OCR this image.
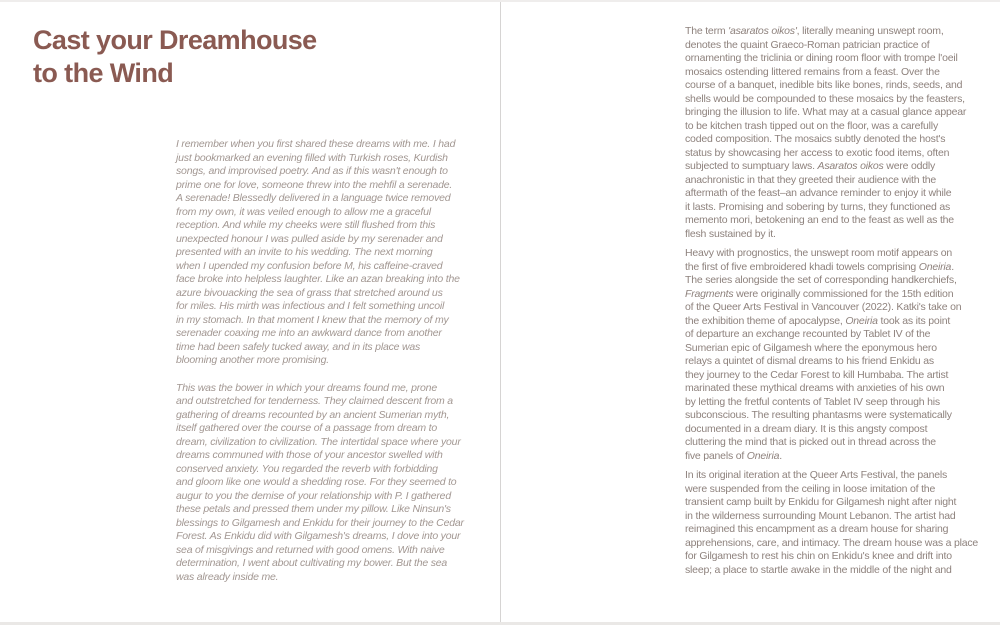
Cast your Dreamhouse
to the Wind

I remember when you first shared these dreams with me. I had
just bookmarked an evening filled with Turkish roses, Kurdish
songs, and improvised poetry. And as if this wasn't enough to
prime one for love, someone threw into the mehfil a serenade.
A serenade! Blessedly delivered in a language twice removed
from my own, it was veiled enough to allow me a graceful
reception. And while my cheeks were still flushed from this
unexpected honour I was pulled aside by my serenader and
presented with an invite to his wedding. The next morning
when I upended my confusion before M, his caffeine-craved
face broke into helpless laughter. Like an azan breaking into the
azure bivouacking the sea of grass that stretched around us
for miles. His mirth was infectious and I felt something uncoil
in my stomach. In that moment I knew that the memory of my
serenader coaxing me into an awkward dance from another
time had been safely tucked away, and in its place was
blooming another more promising.

This was the bower in which your dreams found me, prone
and outstretched for tenderness. They claimed descent from a
gathering of dreams recounted by an ancient Sumerian myth,
itself gathered over the course of a passage from dream to
dream, civilization to civilization. The intertidal space where your
dreams communed with those of your ancestor swelled with
conserved anxiety. You regarded the reverb with forbidding
and gloom like one would a shedding rose. For they seemed to
augur to you the demise of your relationship with P. I gathered
these petals and pressed them under my pillow. Like Ninsun's
blessings to Gilgamesh and Enkidu for their journey to the Cedar
Forest. As Enkidu did with Gilgamesh's dreams, I dove into your
sea of misgivings and returned with good omens. With naive
determination, I went about cultivating my bower. But the sea
was already inside me.

The term 'asaratos oikos', literally meaning unswept room,
denotes the quaint Graeco-Roman patrician practice of
ornamenting the triclinia or dining room floor with trompe l'oeil
mosaics ostending littered remains from a feast. Over the
course of a banquet, inedible bits like bones, rinds, seeds, and
shells would be compounded to these mosaics by the feasters,
bringing the illusion to life. What may at a casual glance appear
to be kitchen trash tipped out on the floor, was a carefully
coded composition. The mosaics subtly denoted the host's
status by showcasing her access to exotic food items, often
subjected to sumptuary laws. Asaratos oikos were oddly
anachronistic in that they greeted their audience with the
aftermath of the feast–an advance reminder to enjoy it while
it lasts. Promising and sobering by turns, they functioned as
memento mori, betokening an end to the feast as well as the
flesh sustained by it.

Heavy with prognostics, the unswept room motif appears on
the first of five embroidered khadi towels comprising Oneiria.
The series alongside the set of corresponding handkerchiefs,
Fragments were originally commissioned for the 15th edition
of the Queer Arts Festival in Vancouver (2022). Katki's take on
the exhibition theme of apocalypse, Oneiria took as its point
of departure an exchange recounted by Tablet IV of the
Sumerian epic of Gilgamesh where the eponymous hero
relays a quintet of dismal dreams to his friend Enkidu as
they journey to the Cedar Forest to kill Humbaba. The artist
marinated these mythical dreams with anxieties of his own
by letting the fretful contents of Tablet IV seep through his
subconscious. The resulting phantasms were systematically
documented in a dream diary. It is this angsty compost
cluttering the mind that is picked out in thread across the
five panels of Oneiria.

In its original iteration at the Queer Arts Festival, the panels
were suspended from the ceiling in loose imitation of the
transient camp built by Enkidu for Gilgamesh night after night
in the wilderness surrounding Mount Lebanon. The artist had
reimagined this encampment as a dream house for sharing
apprehensions, care, and intimacy. The dream house was a place
for Gilgamesh to rest his chin on Enkidu's knee and drift into
sleep; a place to startle awake in the middle of the night and
